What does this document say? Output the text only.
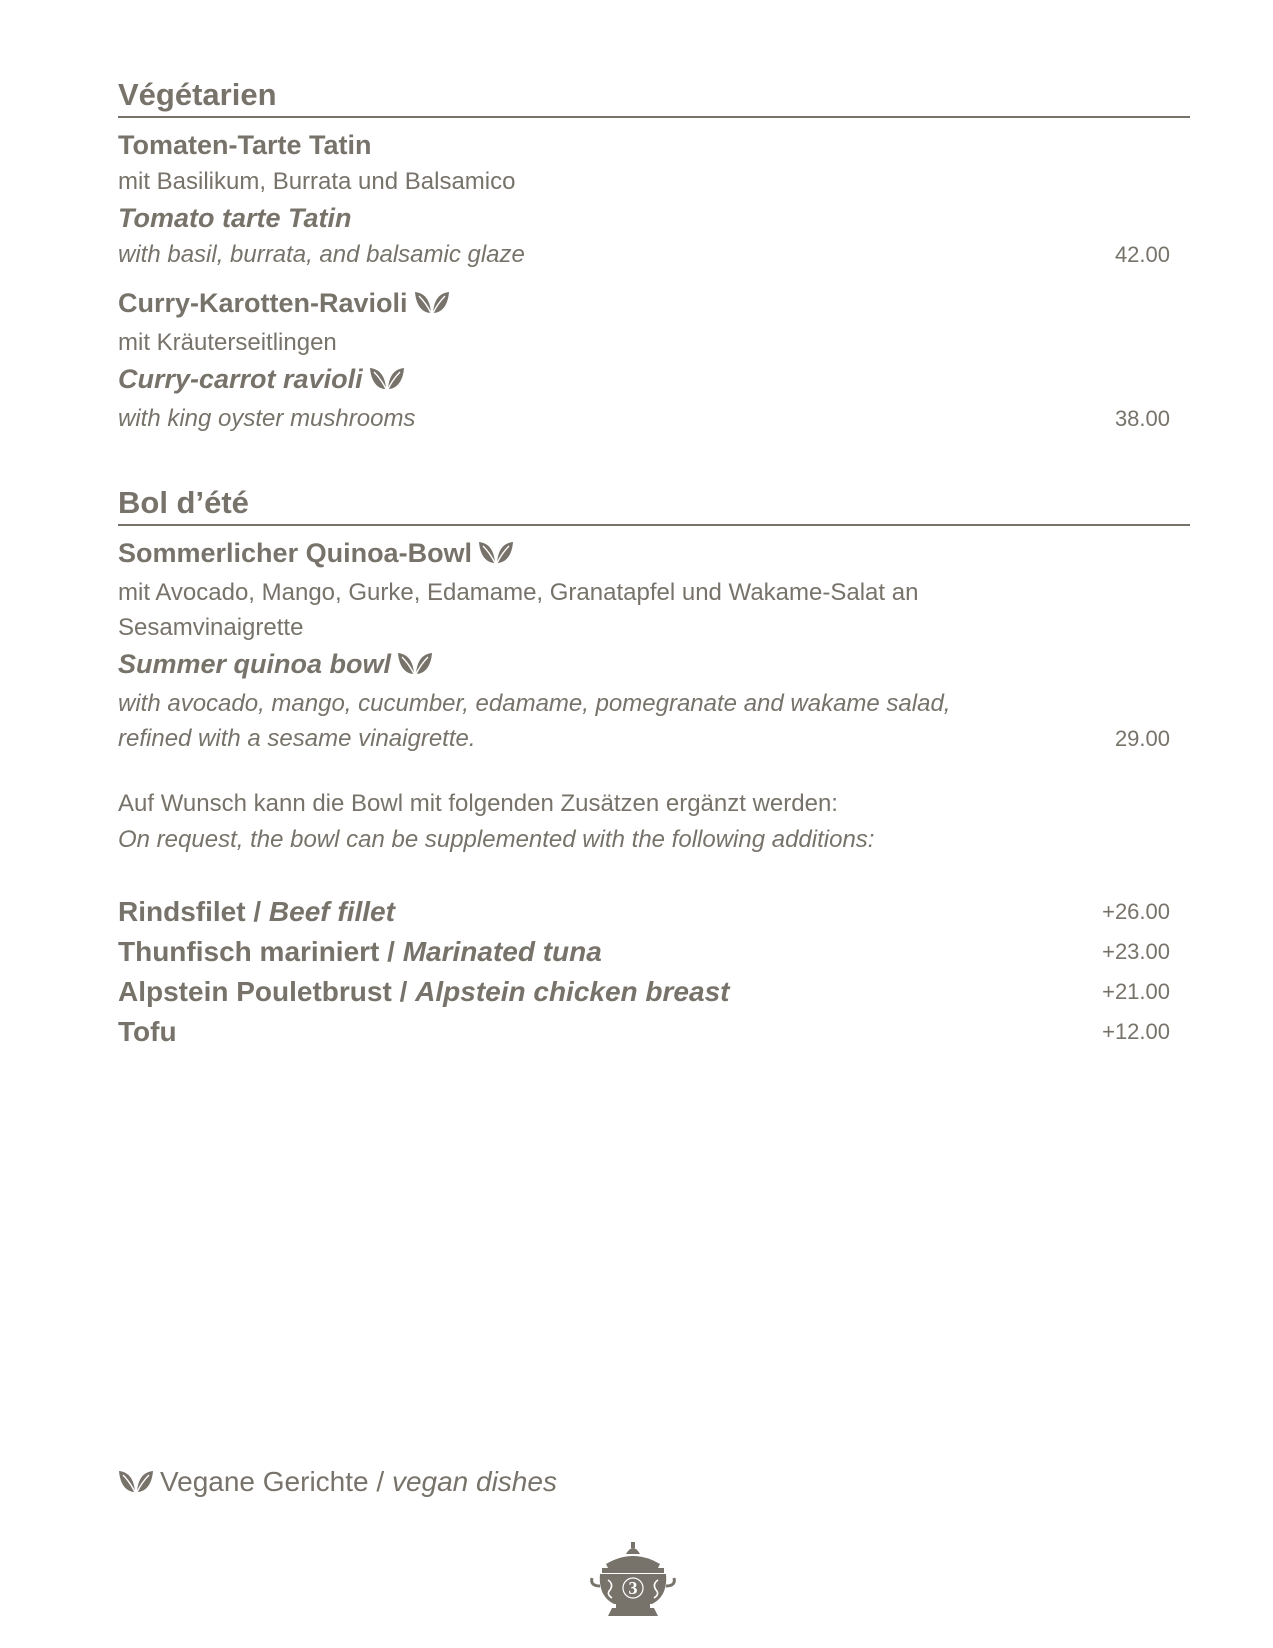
Végétarien
Tomaten-Tarte Tatin
mit Basilikum, Burrata und Balsamico
Tomato tarte Tatin
with basil, burrata, and balsamic glaze	42.00
Curry-Karotten-Ravioli
mit Kräuterseitlingen
Curry-carrot ravioli
with king oyster mushrooms	38.00
Bol d’été
Sommerlicher Quinoa-Bowl
mit Avocado, Mango, Gurke, Edamame, Granatapfel und Wakame-Salat an
Sesamvinaigrette
Summer quinoa bowl
with avocado, mango, cucumber, edamame, pomegranate and wakame salad,
refined with a sesame vinaigrette.	29.00
Auf Wunsch kann die Bowl mit folgenden Zusätzen ergänzt werden:
On request, the bowl can be supplemented with the following additions:
Rindsfilet / Beef fillet	+26.00
Thunfisch mariniert / Marinated tuna	+23.00
Alpstein Pouletbrust / Alpstein chicken breast	+21.00
Tofu	+12.00
Vegane Gerichte / vegan dishes
3
